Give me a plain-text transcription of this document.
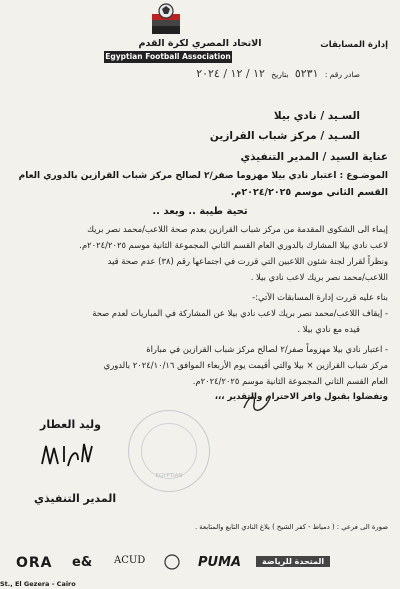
الاتحاد المصري لكرة القدم
Egyptian Football Association
إدارة المسابقات
صادر رقم : ٥٢٣١ بتاريخ ١٢ / ١٢ / ٢٠٢٤
السـيد / نادي بيلا
السـيد / مركز شباب القرازين
عناية السيد / المدير التنفيذي
الموضـوع : اعتبار نادي بيلا مهزوما صفر/٢ لصالح مركز شباب القرازين بالدوري العام
القسم الثاني موسم ٢٠٢٤/٢٠٢٥م.
تحية طيبة .. وبعد ..
إيماء الى الشكوى المقدمة من مركز شباب القرازين بعدم صحة اللاعب/محمد نصر بريك
لاعب نادي بيلا المشارك بالدوري العام القسم الثاني المجموعة الثانية موسم ٢٠٢٤/٢٠٢٥م.
ونظراً لقرار لجنة شئون اللاعبين التي قررت في اجتماعها رقم (٣٨) عدم صحة قيد
اللاعب/محمد نصر بريك لاعب نادي بيلا .
بناء عليه قررت إدارة المسابقات الآتي:-
- إيقاف اللاعب/محمد نصر بريك لاعب نادي بيلا عن المشاركة في المباريات لعدم صحة
قيده مع نادي بيلا .
- اعتبار نادي بيلا مهزوماً صفر/٢ لصالح مركز شباب القرازين في مباراة
مركز شباب القرازين × بيلا والتي أقيمت يوم الأربعاء الموافق ٢٠٢٤/١٠/١٦ بالدوري
العام القسم الثاني المجموعة الثانية موسم ٢٠٢٤/٢٠٢٥م.
وتفضلوا بقبول وافر الاحترام والتقدير ،،،
EGYPTIAN
وليد العطار
المدير التنفيذي
صورة الى فرعي : ( دمياط - كفر الشيخ ) يلاغ النادي التابع والمتابعة .
ORA e& ACUD	PUMA	المتحدة للرياضة
St., El Gezera - Cairo
